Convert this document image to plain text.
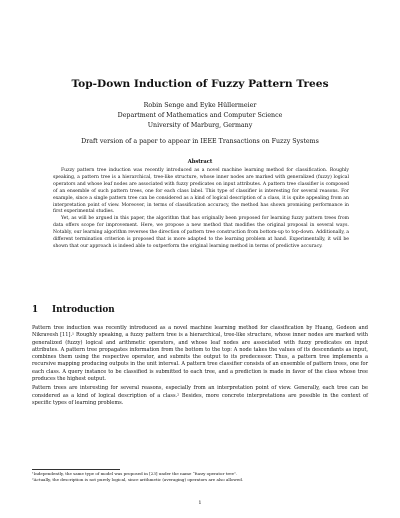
Top-Down Induction of Fuzzy Pattern Trees
Robin Senge and Eyke Hüllermeier
Department of Mathematics and Computer Science
University of Marburg, Germany
Draft version of a paper to appear in IEEE Transactions on Fuzzy Systems
Abstract

Fuzzy pattern tree induction was recently introduced as a novel machine learning method for classification. Roughly speaking, a pattern tree is a hierarchical, tree-like structure, whose inner nodes are marked with generalized (fuzzy) logical operators and whose leaf nodes are associated with fuzzy predicates on input attributes. A pattern tree classifier is composed of an ensemble of such pattern trees, one for each class label. This type of classifier is interesting for several reasons. For example, since a single pattern tree can be considered as a kind of logical description of a class, it is quite appealing from an interpretation point of view. Moreover, in terms of classification accuracy, the method has shown promising performance in first experimental studies.

Yet, as will be argued in this paper, the algorithm that has originally been proposed for learning fuzzy pattern trees from data offers scope for improvement. Here, we propose a new method that modifies the original proposal in several ways. Notably, our learning algorithm reverses the direction of pattern tree construction from bottom-up to top-down. Additionally, a different termination criterion is proposed that is more adapted to the learning problem at hand. Experimentally, it will be shown that our approach is indeed able to outperform the original learning method in terms of predictive accuracy.

1 Introduction

Pattern tree induction was recently introduced as a novel machine learning method for classification by Huang, Gedeon and Nikravesh [11].¹ Roughly speaking, a fuzzy pattern tree is a hierarchical, tree-like structure, whose inner nodes are marked with generalized (fuzzy) logical and arithmetic operators, and whose leaf nodes are associated with fuzzy predicates on input attributes. A pattern tree propagates information from the bottom to the top: A node takes the values of its descendants as input, combines them using the respective operator, and submits the output to its predecessor. Thus, a pattern tree implements a recursive mapping producing outputs in the unit interval. A pattern tree classifier consists of an ensemble of pattern trees, one for each class. A query instance to be classified is submitted to each tree, and a prediction is made in favor of the class whose tree produces the highest output.

Pattern trees are interesting for several reasons, especially from an interpretation point of view. Generally, each tree can be considered as a kind of logical description of a class.² Besides, more concrete interpretations are possible in the context of specific types of learning problems.

¹Independently, the same type of model was proposed in [23] under the name “fuzzy operator tree”.
²Actually, the description is not purely logical, since arithmetic (averaging) operators are also allowed.
1
